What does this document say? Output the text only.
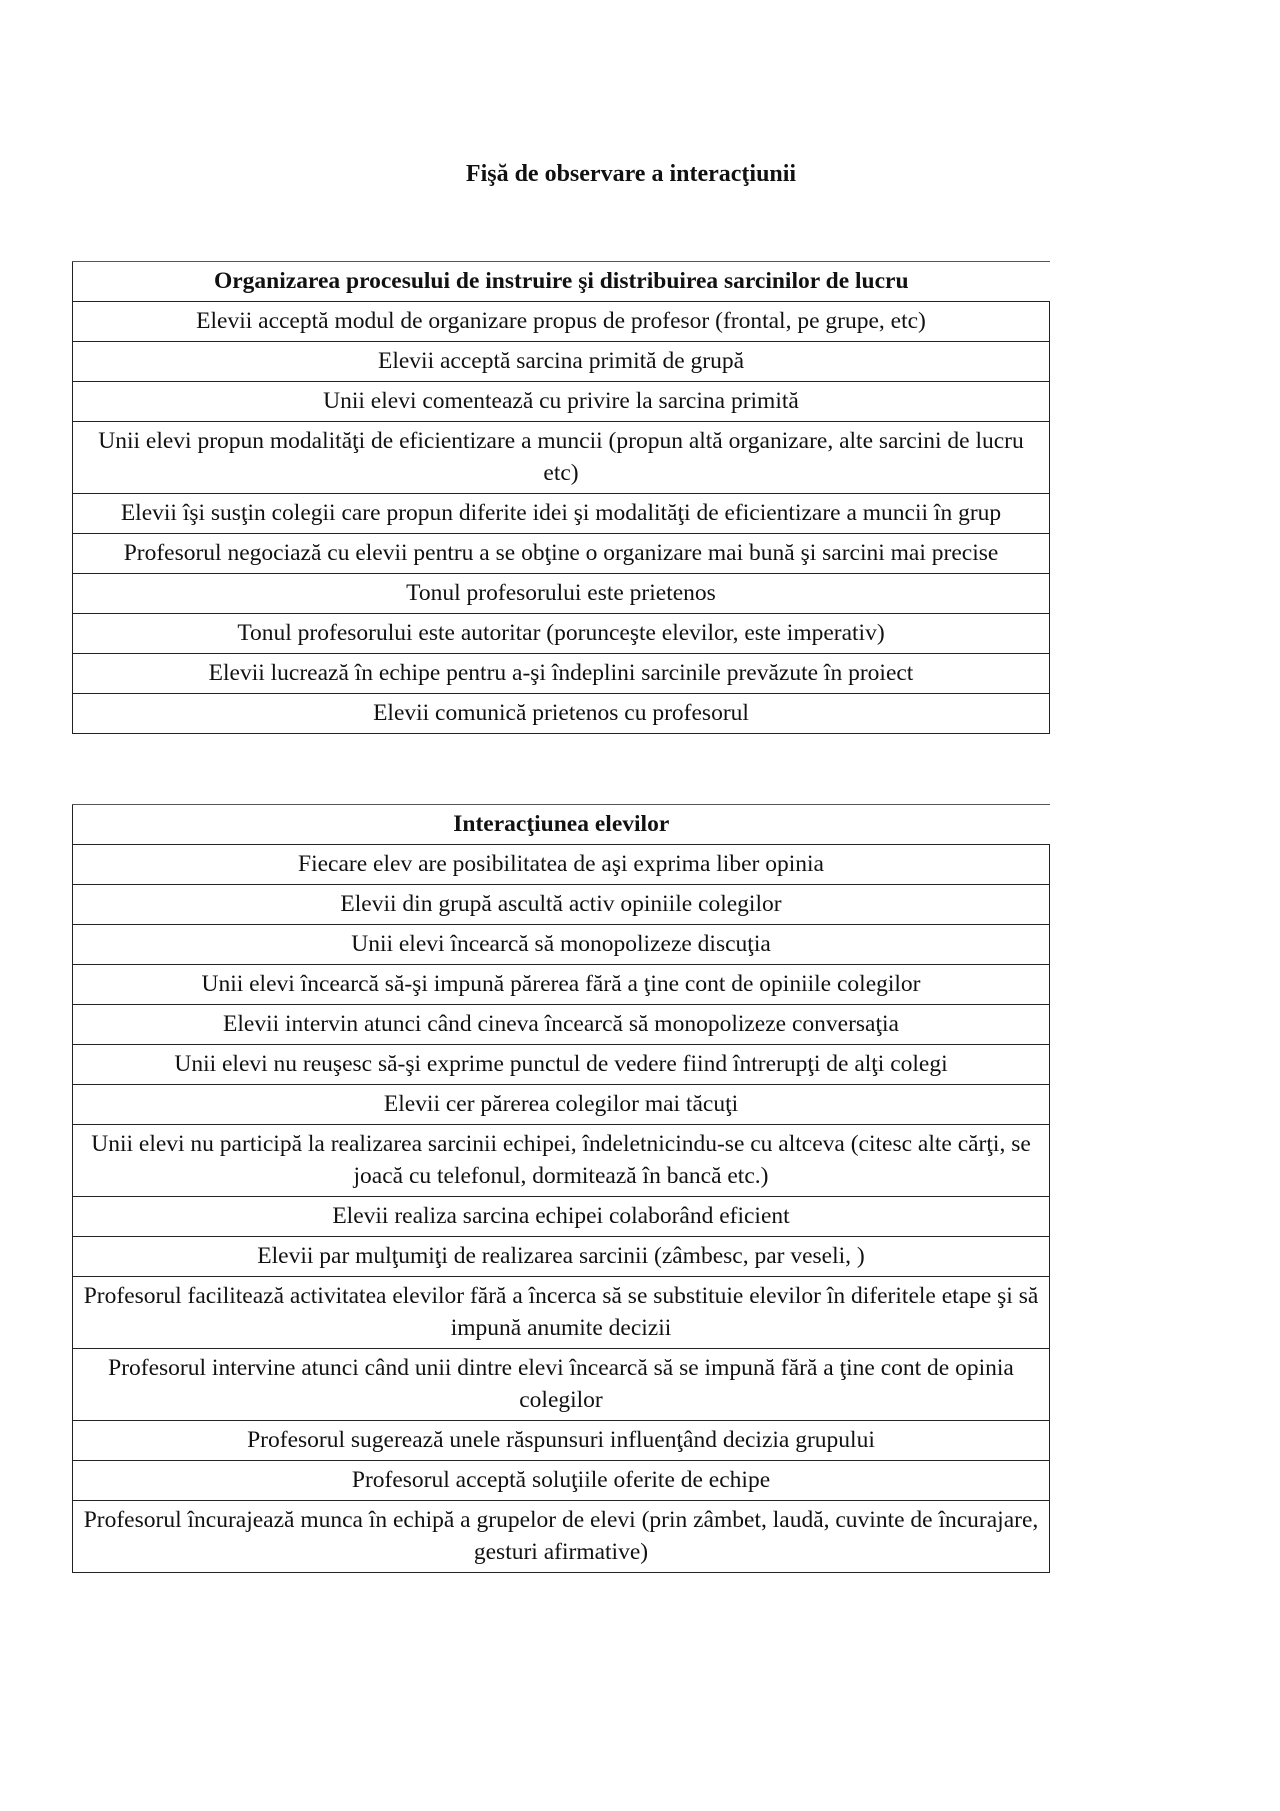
Fişă de observare a interacţiunii
Organizarea procesului de instruire şi distribuirea sarcinilor de lucru
Elevii acceptă modul de organizare propus de profesor (frontal, pe grupe, etc)
Elevii acceptă sarcina primită de grupă
Unii elevi comentează cu privire la sarcina primită
Unii elevi propun modalităţi de eficientizare a muncii (propun altă organizare, alte sarcini de lucru etc)
Elevii îşi susţin colegii care propun diferite idei şi modalităţi de eficientizare a muncii în grup
Profesorul negociază cu elevii pentru a se obţine o organizare mai bună şi sarcini mai precise
Tonul profesorului este prietenos
Tonul profesorului este autoritar (porunceşte elevilor, este imperativ)
Elevii lucrează în echipe pentru a-şi îndeplini sarcinile prevăzute în proiect
Elevii comunică prietenos cu profesorul
Interacţiunea elevilor
Fiecare elev are posibilitatea de aşi exprima liber opinia
Elevii din grupă ascultă activ opiniile colegilor
Unii elevi încearcă să monopolizeze discuţia
Unii elevi încearcă să-şi impună părerea fără a ţine cont de opiniile colegilor
Elevii intervin atunci când cineva încearcă să monopolizeze conversaţia
Unii elevi nu reuşesc să-şi exprime punctul de vedere fiind întrerupţi de alţi colegi
Elevii cer părerea colegilor mai tăcuţi
Unii elevi nu participă la realizarea sarcinii echipei, îndeletnicindu-se cu altceva (citesc alte cărţi, se joacă cu telefonul, dormitează în bancă etc.)
Elevii realiza sarcina echipei colaborând eficient
Elevii par mulţumiţi de realizarea sarcinii (zâmbesc, par veseli, )
Profesorul facilitează activitatea elevilor fără a încerca să se substituie elevilor în diferitele etape şi să impună anumite decizii
Profesorul intervine atunci când unii dintre elevi încearcă să se impună fără a ţine cont de opinia colegilor
Profesorul sugerează unele răspunsuri influenţând decizia grupului
Profesorul acceptă soluţiile oferite de echipe
Profesorul încurajează munca în echipă a grupelor de elevi (prin zâmbet, laudă, cuvinte de încurajare, gesturi afirmative)
